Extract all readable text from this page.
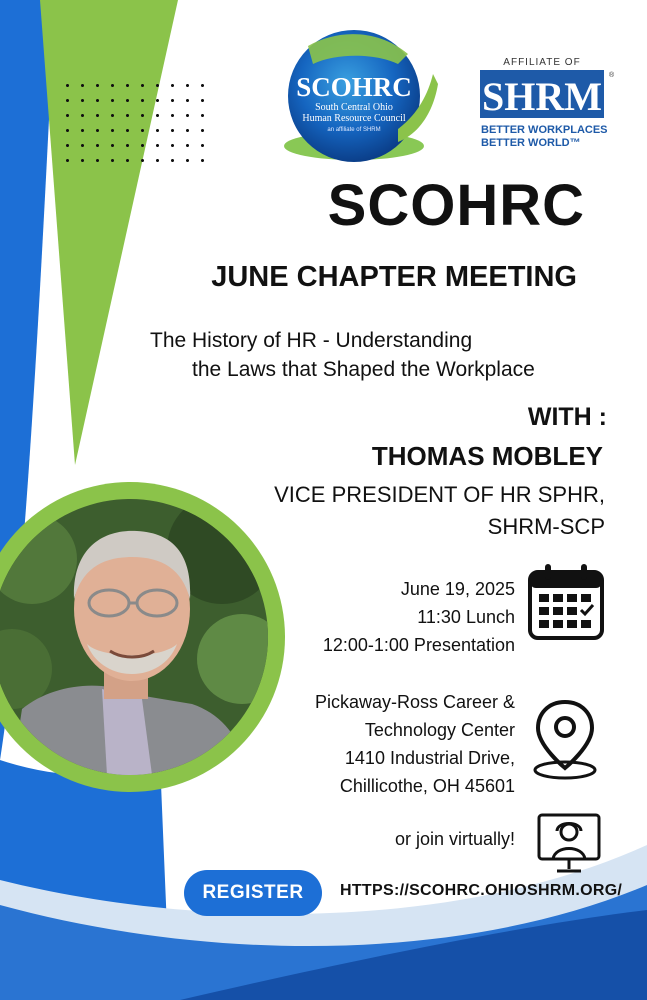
SCOHRC
South Central Ohio
Human Resource Council
an affiliate of SHRM
AFFILIATE OF
SHRM ®
BETTER WORKPLACES
BETTER WORLD™
SCOHRC
JUNE CHAPTER MEETING
The History of HR - Understanding
the Laws that Shaped the Workplace
WITH :
THOMAS MOBLEY
VICE PRESIDENT OF HR SPHR,
SHRM-SCP
June 19, 2025
11:30 Lunch
12:00-1:00 Presentation
Pickaway-Ross Career &
Technology Center
1410 Industrial Drive,
Chillicothe, OH 45601
or join virtually!
REGISTER	HTTPS://SCOHRC.OHIOSHRM.ORG/
